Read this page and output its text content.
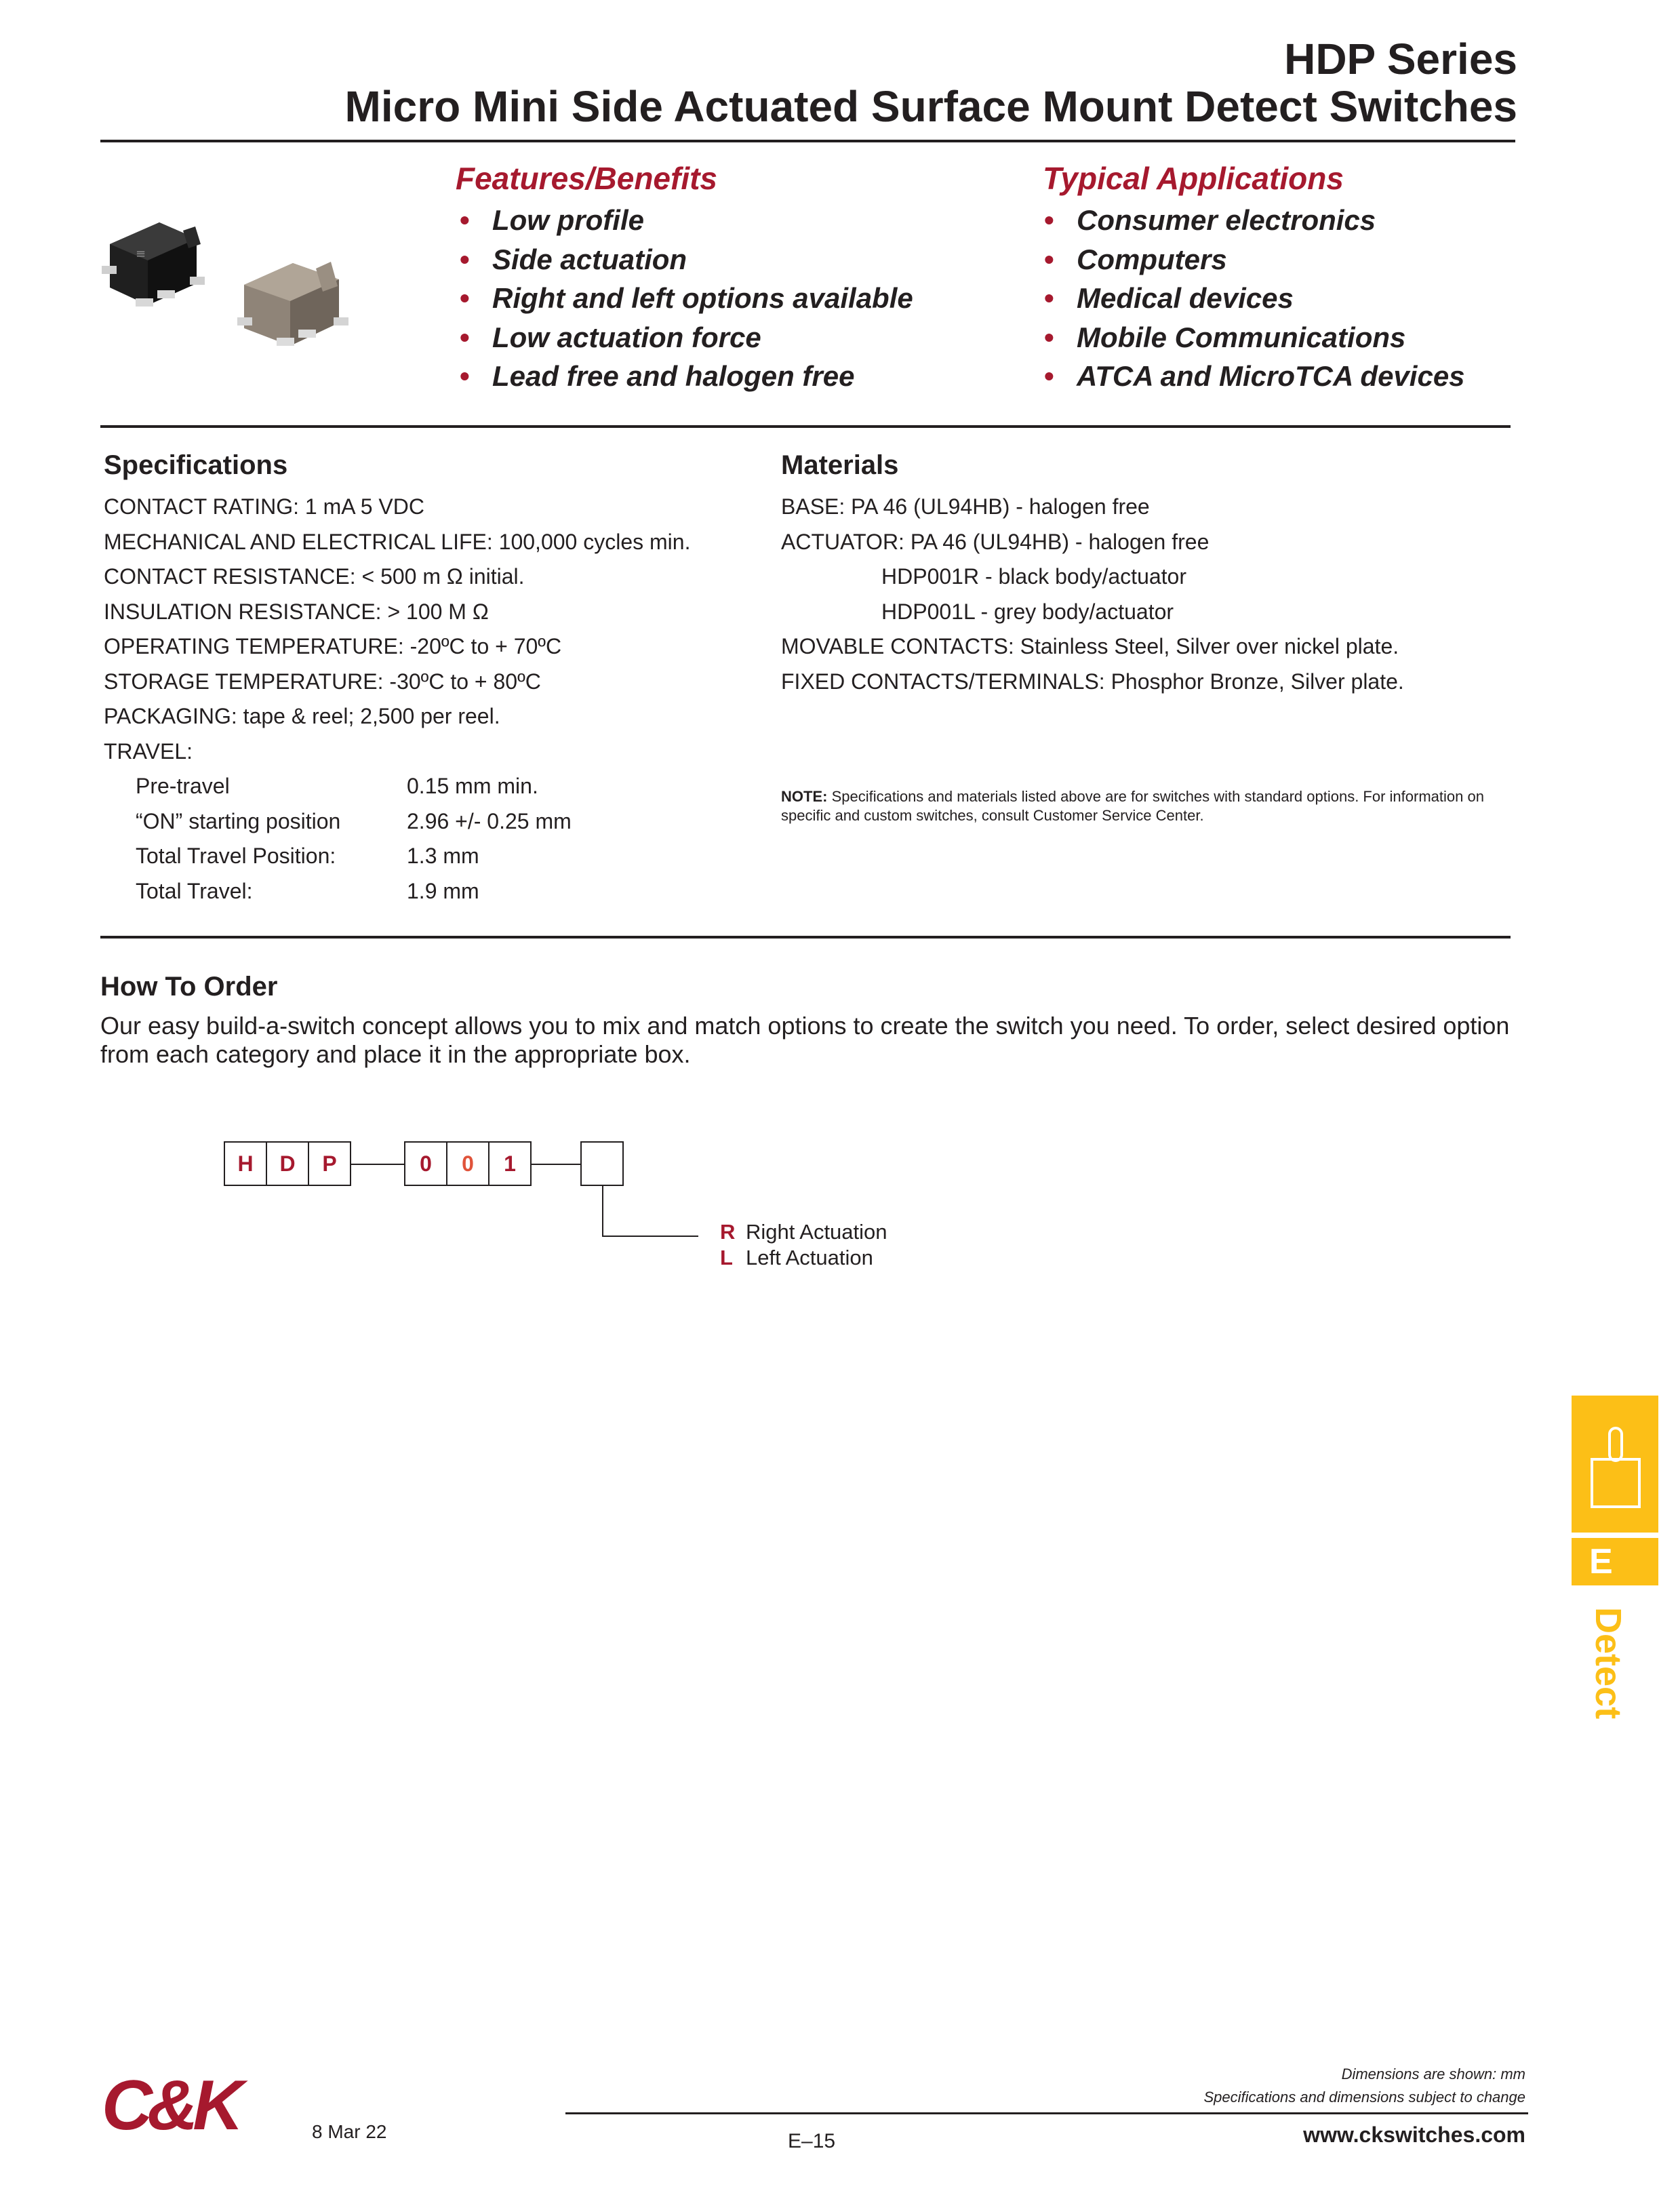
HDP Series
Micro Mini Side Actuated Surface Mount Detect Switches
≡
Features/Benefits
• Low profile
• Side actuation
• Right and left options available
• Low actuation force
• Lead free and halogen free
Typical Applications
• Consumer electronics
• Computers
• Medical devices
• Mobile Communications
• ATCA and MicroTCA devices
Specifications
CONTACT RATING: 1 mA 5 VDC
MECHANICAL AND ELECTRICAL LIFE: 100,000 cycles min.
CONTACT RESISTANCE: < 500 m Ω initial.
INSULATION RESISTANCE: > 100 M Ω
OPERATING TEMPERATURE: -20ºC to + 70ºC
STORAGE TEMPERATURE: -30ºC to + 80ºC
PACKAGING: tape & reel; 2,500 per reel.
TRAVEL:
Pre-travel	0.15 mm min.
“ON” starting position	2.96 +/- 0.25 mm
Total Travel Position:	1.3 mm
Total Travel:	1.9 mm
Materials
BASE: PA 46 (UL94HB) - halogen free
ACTUATOR: PA 46 (UL94HB) - halogen free
HDP001R - black body/actuator
HDP001L - grey body/actuator
MOVABLE CONTACTS: Stainless Steel, Silver over nickel plate.
FIXED CONTACTS/TERMINALS: Phosphor Bronze, Silver plate.
NOTE: Specifications and materials listed above are for switches with standard options. For information on specific and custom switches, consult Customer Service Center.
How To Order
Our easy build-a-switch concept allows you to mix and match options to create the switch you need. To order, select desired option from each category and place it in the appropriate box.
H	D	P	0	0	1
R Right Actuation
L Left Actuation
E
Detect
C&K	8 Mar 22
Dimensions are shown: mm
Specifications and dimensions subject to change
E–15	www.ckswitches.com
